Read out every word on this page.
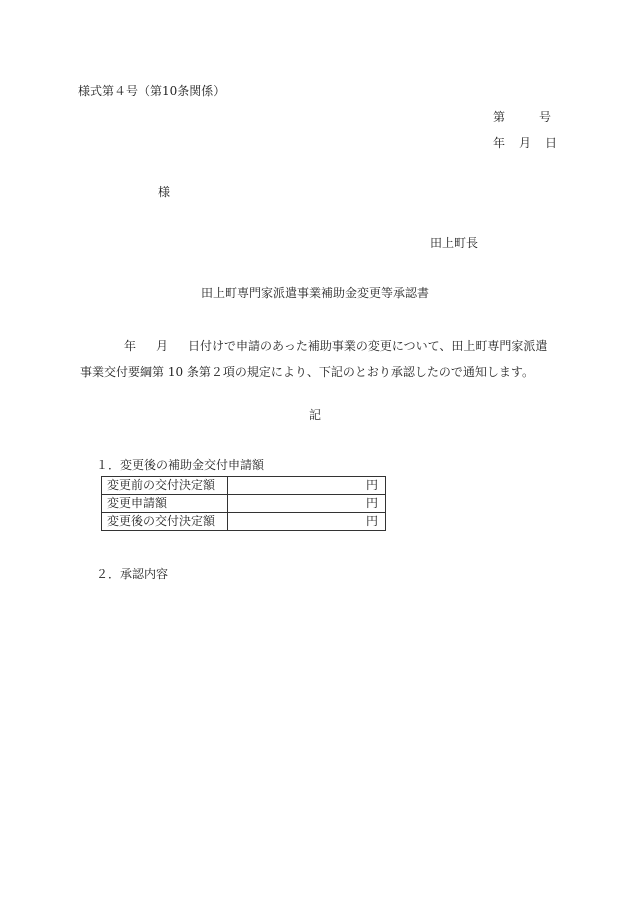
様式第４号（第10条関係）
第	号
年 月 日
様
田上町長
田上町専門家派遣事業補助金変更等承認書
年 月 日付けで申請のあった補助事業の変更について、田上町専門家派遣
事業交付要綱第 10 条第２項の規定により、下記のとおり承認したので通知します。
記
１．変更後の補助金交付申請額
変更前の交付決定額	円
変更申請額	円
変更後の交付決定額	円
２．承認内容
